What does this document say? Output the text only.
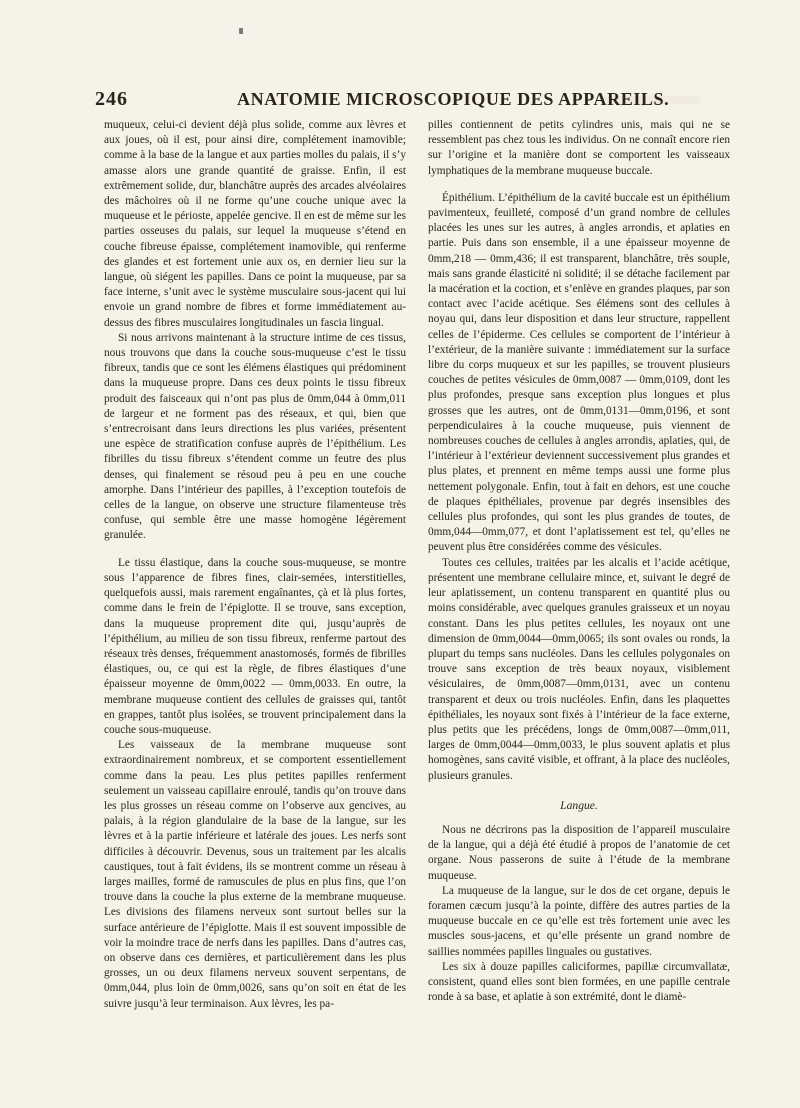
246	ANATOMIE MICROSCOPIQUE DES APPAREILS.

muqueux, celui-ci devient déjà plus solide, comme aux lèvres et aux joues, où il est, pour ainsi dire, complétement inamovible; comme à la base de la langue et aux parties molles du palais, il s’y amasse alors une grande quantité de graisse. Enfin, il est extrêmement solide, dur, blanchâtre auprès des arcades alvéolaires des mâchoires où il ne forme qu’une couche unique avec la muqueuse et le périoste, appelée gencive. Il en est de même sur les parties osseuses du palais, sur lequel la muqueuse s’étend en couche fibreuse épaisse, complétement inamovible, qui renferme des glandes et est fortement unie aux os, en dernier lieu sur la langue, où siégent les papilles. Dans ce point la muqueuse, par sa face interne, s’unit avec le système musculaire sous-jacent qui lui envoie un grand nombre de fibres et forme immédiatement au-dessus des fibres musculaires longitudinales un fascia lingual.

Si nous arrivons maintenant à la structure intime de ces tissus, nous trouvons que dans la couche sous-muqueuse c’est le tissu fibreux, tandis que ce sont les élémens élastiques qui prédominent dans la muqueuse propre. Dans ces deux points le tissu fibreux produit des faisceaux qui n’ont pas plus de 0mm,044 à 0mm,011 de largeur et ne forment pas des réseaux, et qui, bien que s’entrecroisant dans leurs directions les plus variées, présentent une espèce de stratification confuse auprès de l’épithélium. Les fibrilles du tissu fibreux s’étendent comme un feutre des plus denses, qui finalement se résoud peu à peu en une couche amorphe. Dans l’intérieur des papilles, à l’exception toutefois de celles de la langue, on observe une structure filamenteuse très confuse, qui semble être une masse homogène légèrement granulée.

Le tissu élastique, dans la couche sous-muqueuse, se montre sous l’apparence de fibres fines, clair-semées, interstitielles, quelquefois aussi, mais rarement engaînantes, çà et là plus fortes, comme dans le frein de l’épiglotte. Il se trouve, sans exception, dans la muqueuse proprement dite qui, jusqu’auprès de l’épithélium, au milieu de son tissu fibreux, renferme partout des réseaux très denses, fréquemment anastomosés, formés de fibrilles élastiques, ou, ce qui est la règle, de fibres élastiques d’une épaisseur moyenne de 0mm,0022 — 0mm,0033. En outre, la membrane muqueuse contient des cellules de graisses qui, tantôt en grappes, tantôt plus isolées, se trouvent principalement dans la couche sous-muqueuse.

Les vaisseaux de la membrane muqueuse sont extraordinairement nombreux, et se comportent essentiellement comme dans la peau. Les plus petites papilles renferment seulement un vaisseau capillaire enroulé, tandis qu’on trouve dans les plus grosses un réseau comme on l’observe aux gencives, au palais, à la région glandulaire de la base de la langue, sur les lèvres et à la partie inférieure et latérale des joues. Les nerfs sont difficiles à découvrir. Devenus, sous un traitement par les alcalis caustiques, tout à fait évidens, ils se montrent comme un réseau à larges mailles, formé de ramuscules de plus en plus fins, que l’on trouve dans la couche la plus externe de la membrane muqueuse. Les divisions des filamens nerveux sont surtout belles sur la surface antérieure de l’épiglotte. Mais il est souvent impossible de voir la moindre trace de nerfs dans les papilles. Dans d’autres cas, on observe dans ces dernières, et particulièrement dans les plus grosses, un ou deux filamens nerveux souvent serpentans, de 0mm,044, plus loin de 0mm,0026, sans qu’on soit en état de les suivre jusqu’à leur terminaison. Aux lèvres, les pa-

pilles contiennent de petits cylindres unis, mais qui ne se ressemblent pas chez tous les individus. On ne connaît encore rien sur l’origine et la manière dont se comportent les vaisseaux lymphatiques de la membrane muqueuse buccale.

Épithélium. L’épithélium de la cavité buccale est un épithélium pavimenteux, feuilleté, composé d’un grand nombre de cellules placées les unes sur les autres, à angles arrondis, et aplaties en partie. Puis dans son ensemble, il a une épaisseur moyenne de 0mm,218 — 0mm,436; il est transparent, blanchâtre, très souple, mais sans grande élasticité ni solidité; il se détache facilement par la macération et la coction, et s’enlève en grandes plaques, par son contact avec l’acide acétique. Ses élémens sont des cellules à noyau qui, dans leur disposition et dans leur structure, rappellent celles de l’épiderme. Ces cellules se comportent de l’intérieur à l’extérieur, de la manière suivante : immédiatement sur la surface libre du corps muqueux et sur les papilles, se trouvent plusieurs couches de petites vésicules de 0mm,0087 — 0mm,0109, dont les plus profondes, presque sans exception plus longues et plus grosses que les autres, ont de 0mm,0131—0mm,0196, et sont perpendiculaires à la couche muqueuse, puis viennent de nombreuses couches de cellules à angles arrondis, aplaties, qui, de l’intérieur à l’extérieur deviennent successivement plus grandes et plus plates, et prennent en même temps aussi une forme plus nettement polygonale. Enfin, tout à fait en dehors, est une couche de plaques épithéliales, provenue par degrés insensibles des cellules plus profondes, qui sont les plus grandes de toutes, de 0mm,044—0mm,077, et dont l’aplatissement est tel, qu’elles ne peuvent plus être considérées comme des vésicules.

Toutes ces cellules, traitées par les alcalis et l’acide acétique, présentent une membrane cellulaire mince, et, suivant le degré de leur aplatissement, un contenu transparent en quantité plus ou moins considérable, avec quelques granules graisseux et un noyau constant. Dans les plus petites cellules, les noyaux ont une dimension de 0mm,0044—0mm,0065; ils sont ovales ou ronds, la plupart du temps sans nucléoles. Dans les cellules polygonales on trouve sans exception de très beaux noyaux, visiblement vésiculaires, de 0mm,0087—0mm,0131, avec un contenu transparent et deux ou trois nucléoles. Enfin, dans les plaquettes épithéliales, les noyaux sont fixés à l’intérieur de la face externe, plus petits que les précédens, longs de 0mm,0087—0mm,011, larges de 0mm,0044—0mm,0033, le plus souvent aplatis et plus homogènes, sans cavité visible, et offrant, à la place des nucléoles, plusieurs granules.

Langue.

Nous ne décrirons pas la disposition de l’appareil musculaire de la langue, qui a déjà été étudié à propos de l’anatomie de cet organe. Nous passerons de suite à l’étude de la membrane muqueuse.

La muqueuse de la langue, sur le dos de cet organe, depuis le foramen cæcum jusqu’à la pointe, diffère des autres parties de la muqueuse buccale en ce qu’elle est très fortement unie avec les muscles sous-jacens, et qu’elle présente un grand nombre de saillies nommées papilles linguales ou gustatives.

Les six à douze papilles caliciformes, papillæ circumvallatæ, consistent, quand elles sont bien formées, en une papille centrale ronde à sa base, et aplatie à son extrémité, dont le diamè-
